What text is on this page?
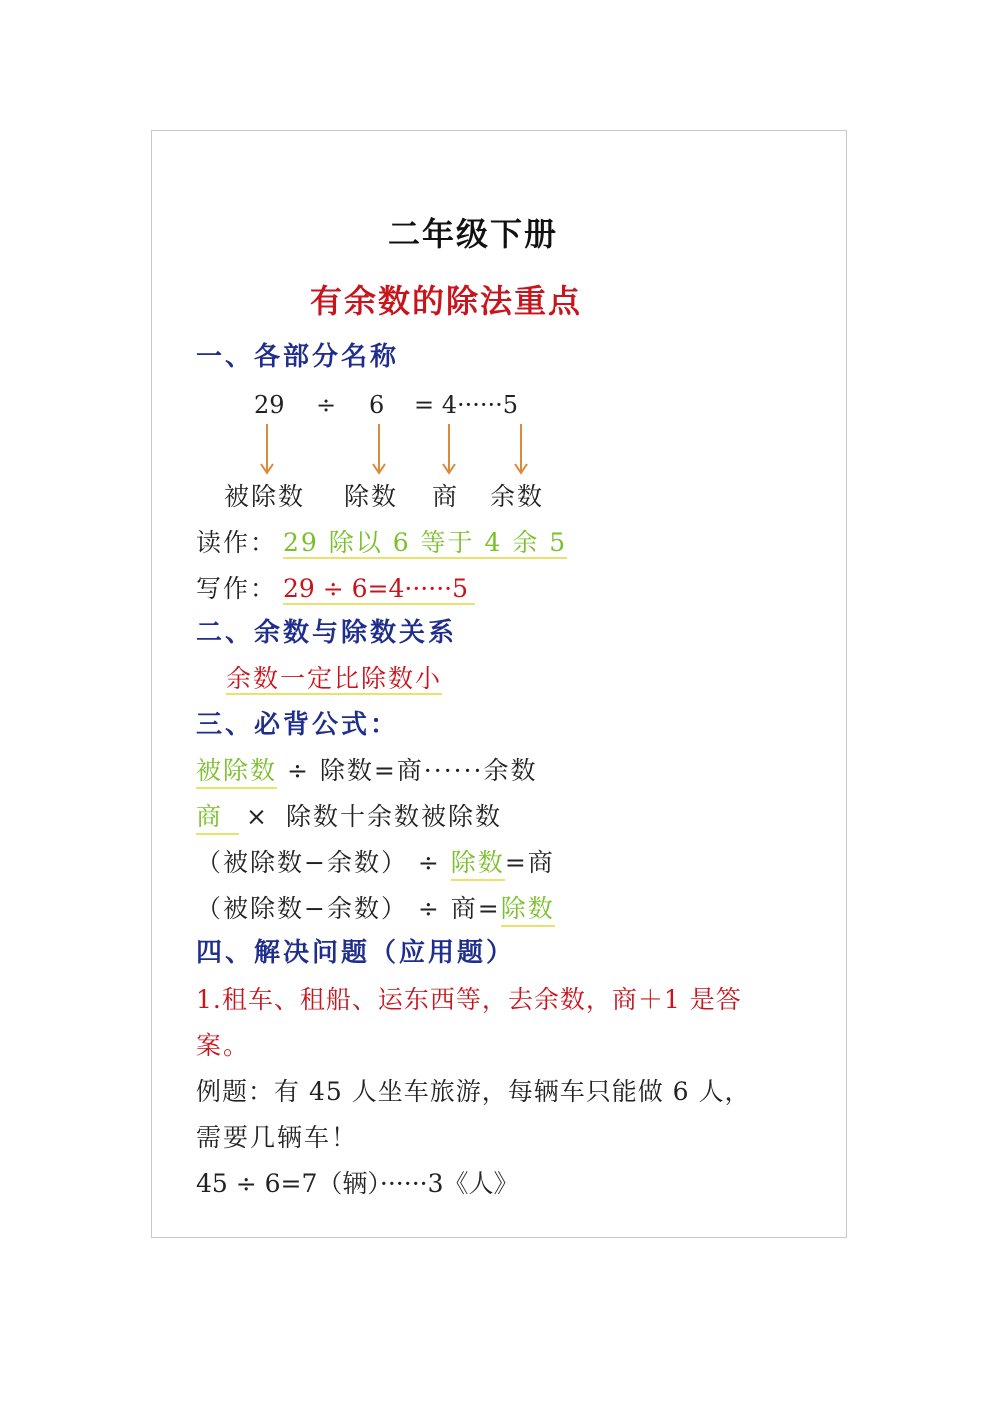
二年级下册
有余数的除法重点
一、各部分名称
29 ÷ 6 = 4······5
被除数 除数 商 余数
读作： 29 除以 6 等于 4 余 5
写作： 29 ÷ 6=4······5
二、余数与除数关系
余数一定比除数小
三、必背公式：
被除数 ÷ 除数=商······余数
商 × 除数十余数被除数
（被除数−余数） ÷ 除数=商
（被除数−余数） ÷ 商=除数
四、解决问题（应用题）
1.租车、租船、运东西等，去余数，商＋1 是答
案。
例题：有 45 人坐车旅游，每辆车只能做 6 人，
需要几辆车！
45 ÷ 6=7（辆）······3《人》
